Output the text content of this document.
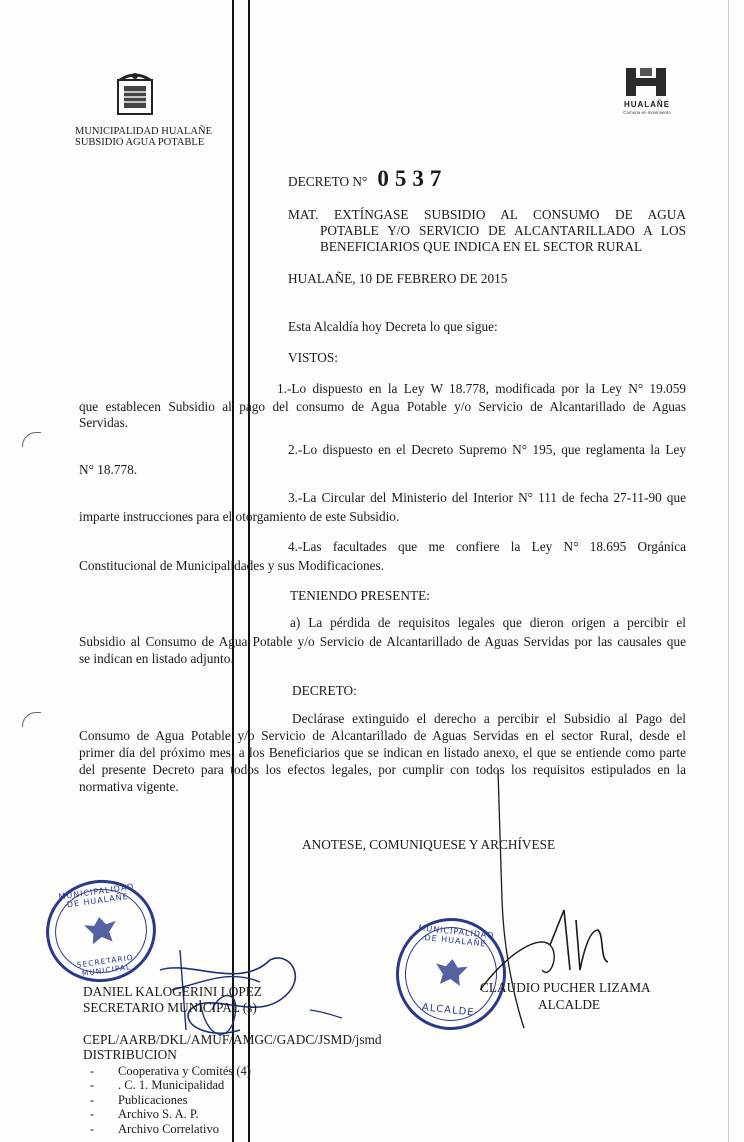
MUNICIPALIDAD HUALAÑE
SUBSIDIO AGUA POTABLE
HUALAÑE
Comuna en movimiento
DECRETO N° 0537
MAT. EXTÍNGASE SUBSIDIO AL CONSUMO DE AGUA
POTABLE Y/O SERVICIO DE ALCANTARILLADO A LOS
BENEFICIARIOS QUE INDICA EN EL SECTOR RURAL
HUALAÑE, 10 DE FEBRERO DE 2015
Esta Alcaldía hoy Decreta lo que sigue:
VISTOS:
1.-Lo dispuesto en la Ley W 18.778, modificada por la Ley N° 19.059
que establecen Subsidio al pago del consumo de Agua Potable y/o Servicio de Alcantarillado de Aguas
Servidas.
2.-Lo dispuesto en el Decreto Supremo N° 195, que reglamenta la Ley
N° 18.778.
3.-La Circular del Ministerio del Interior N° 111 de fecha 27-11-90 que
imparte instrucciones para el otorgamiento de este Subsidio.
4.-Las facultades que me confiere la Ley N° 18.695 Orgánica
Constitucional de Municipalidades y sus Modificaciones.
TENIENDO PRESENTE:
a) La pérdida de requisitos legales que dieron origen a percibir el
Subsidio al Consumo de Agua Potable y/o Servicio de Alcantarillado de Aguas Servidas por las causales que
se indican en listado adjunto.
DECRETO:
Declárase extinguido el derecho a percibir el Subsidio al Pago del
Consumo de Agua Potable y/o Servicio de Alcantarillado de Aguas Servidas en el sector Rural, desde el
primer día del próximo mes, a los Beneficiarios que se indican en listado anexo, el que se entiende como parte
del presente Decreto para todos los efectos legales, por cumplir con todos los requisitos estipulados en la
normativa vigente.
ANOTESE, COMUNIQUESE Y ARCHÍVESE
MUNICIPALIDAD DE HUALAÑE
SECRETARIO MUNICIPAL
MUNICIPALIDAD DE HUALAÑE
ALCALDE
DANIEL KALOGERINI LOPEZ
SECRETARIO MUNICIPAL (s)
CLAUDIO PUCHER LIZAMA
ALCALDE
CEPL/AARB/DKL/AMUF/AMGC/GADC/JSMD/jsmd
DISTRIBUCION
- Cooperativa y Comités (4)
- . C. 1. Municipalidad
- Publicaciones
- Archivo S. A. P.
- Archivo Correlativo
